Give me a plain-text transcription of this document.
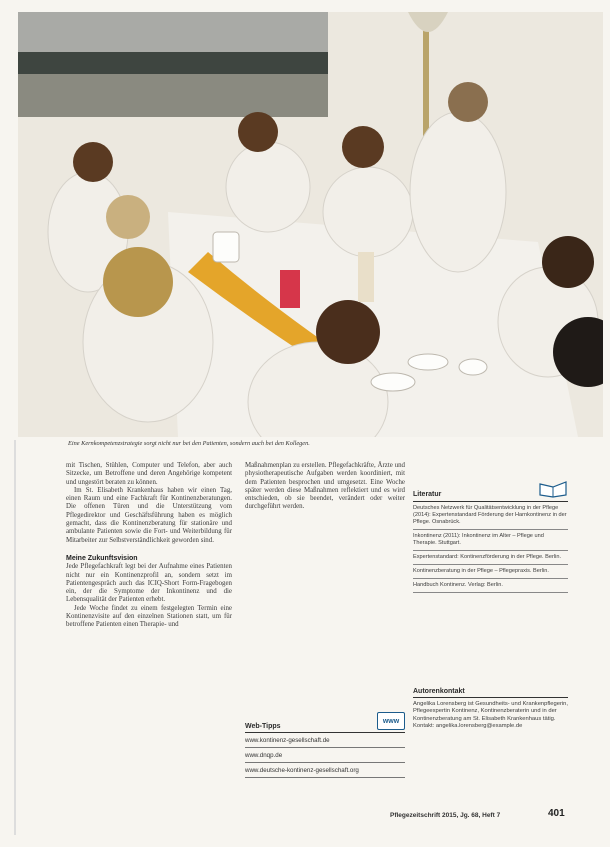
Eine Kernkompetenzstrategie sorgt nicht nur bei den Patienten, sondern auch bei den Kollegen.

mit Tischen, Stühlen, Computer und Telefon, aber auch Sitzecke, um Betroffene und deren Angehörige kompetent und ungestört beraten zu können.

Im St. Elisabeth Krankenhaus haben wir einen Tag, einen Raum und eine Fachkraft für Kontinenzberatungen. Die offenen Türen und die Unterstützung vom Pflegedirektor und Geschäftsführung haben es möglich gemacht, dass die Kontinenzberatung für stationäre und ambulante Patienten sowie die Fort- und Weiterbildung für Mitarbeiter zur Selbstverständlichkeit geworden sind.

Meine Zukunftsvision

Jede Pflegefachkraft legt bei der Aufnahme eines Patienten nicht nur ein Kontinenzprofil an, sondern setzt im Patientengespräch auch das ICIQ-Short Form-Fragebogen ein, der die Symptome der Inkontinenz und die Lebensqualität der Patienten erhebt.

Jede Woche findet zu einem festgelegten Termin eine Kontinenzvisite auf den einzelnen Stationen statt, um für betroffene Patienten einen Therapie- und

Maßnahmenplan zu erstellen. Pflegefachkräfte, Ärzte und physiotherapeutische Aufgaben werden koordiniert, mit dem Patienten besprochen und umgesetzt. Eine Woche später werden diese Maßnahmen reflektiert und es wird entschieden, ob sie beendet, verändert oder weiter durchgeführt werden.

Web-Tipps
www
www.kontinenz-gesellschaft.de
www.dnqp.de
www.deutsche-kontinenz-gesellschaft.org
Literatur
Deutsches Netzwerk für Qualitätsentwicklung in der Pflege (2014): Expertenstandard Förderung der Harnkontinenz in der Pflege. Osnabrück.
Inkontinenz (2011): Inkontinenz im Alter – Pflege und Therapie. Stuttgart.
Expertenstandard: Kontinenzförderung in der Pflege. Berlin.
Kontinenzberatung in der Pflege – Pflegepraxis. Berlin.
Handbuch Kontinenz. Verlag: Berlin.
Autorenkontakt
Angelika Lorensberg ist Gesundheits- und Krankenpflegerin, Pflegeexpertin Kontinenz, Kontinenzberaterin und in der Kontinenzberatung am St. Elisabeth Krankenhaus tätig. Kontakt: angelika.lorensberg@example.de
Pflegezeitschrift 2015, Jg. 68, Heft 7	401
